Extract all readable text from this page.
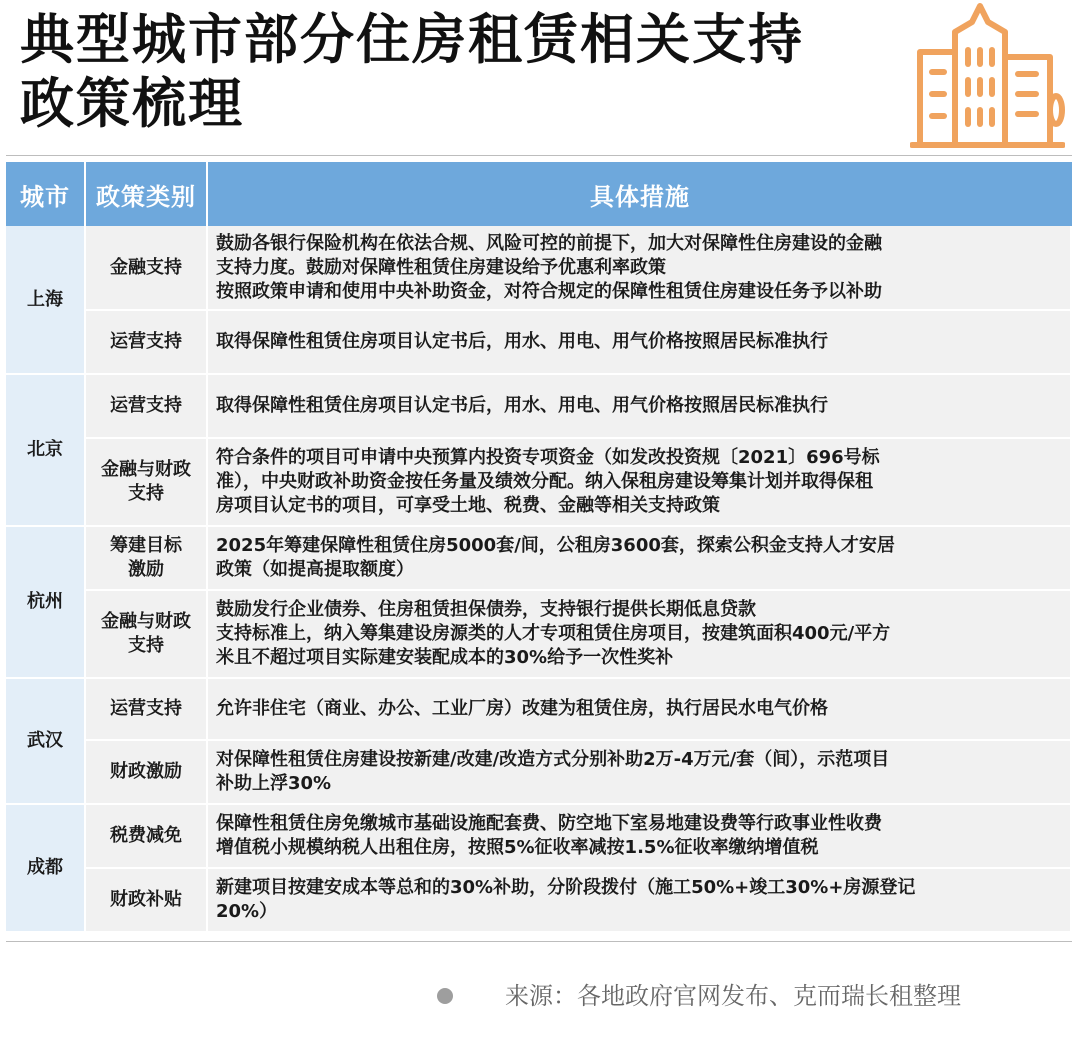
典型城市部分住房租赁相关支持
政策梳理
城市	政策类别	具体措施
上海	金融支持	鼓励各银行保险机构在依法合规、风险可控的前提下，加大对保障性住房建设的金融
支持力度。鼓励对保障性租赁住房建设给予优惠利率政策
按照政策申请和使用中央补助资金，对符合规定的保障性租赁住房建设任务予以补助

	运营支持	取得保障性租赁住房项目认定书后，用水、用电、用气价格按照居民标准执行

北京	运营支持	取得保障性租赁住房项目认定书后，用水、用电、用气价格按照居民标准执行

	金融与财政
支持	符合条件的项目可申请中央预算内投资专项资金（如发改投资规〔2021〕696号标
准），中央财政补助资金按任务量及绩效分配。纳入保租房建设筹集计划并取得保租
房项目认定书的项目，可享受土地、税费、金融等相关支持政策

杭州	筹建目标
激励	2025年筹建保障性租赁住房5000套/间，公租房3600套，探索公积金支持人才安居
政策（如提高提取额度）

	金融与财政
支持	鼓励发行企业债券、住房租赁担保债券，支持银行提供长期低息贷款
支持标准上，纳入筹集建设房源类的人才专项租赁住房项目，按建筑面积400元/平方
米且不超过项目实际建安装配成本的30%给予一次性奖补

武汉	运营支持	允许非住宅（商业、办公、工业厂房）改建为租赁住房，执行居民水电气价格

	财政激励	对保障性租赁住房建设按新建/改建/改造方式分别补助2万-4万元/套（间），示范项目
补助上浮30%

成都	税费减免	保障性租赁住房免缴城市基础设施配套费、防空地下室易地建设费等行政事业性收费
增值税小规模纳税人出租住房，按照5%征收率减按1.5%征收率缴纳增值税

	财政补贴	新建项目按建安成本等总和的30%补助，分阶段拨付（施工50%+竣工30%+房源登记
20%）
来源：各地政府官网发布、克而瑞长租整理
